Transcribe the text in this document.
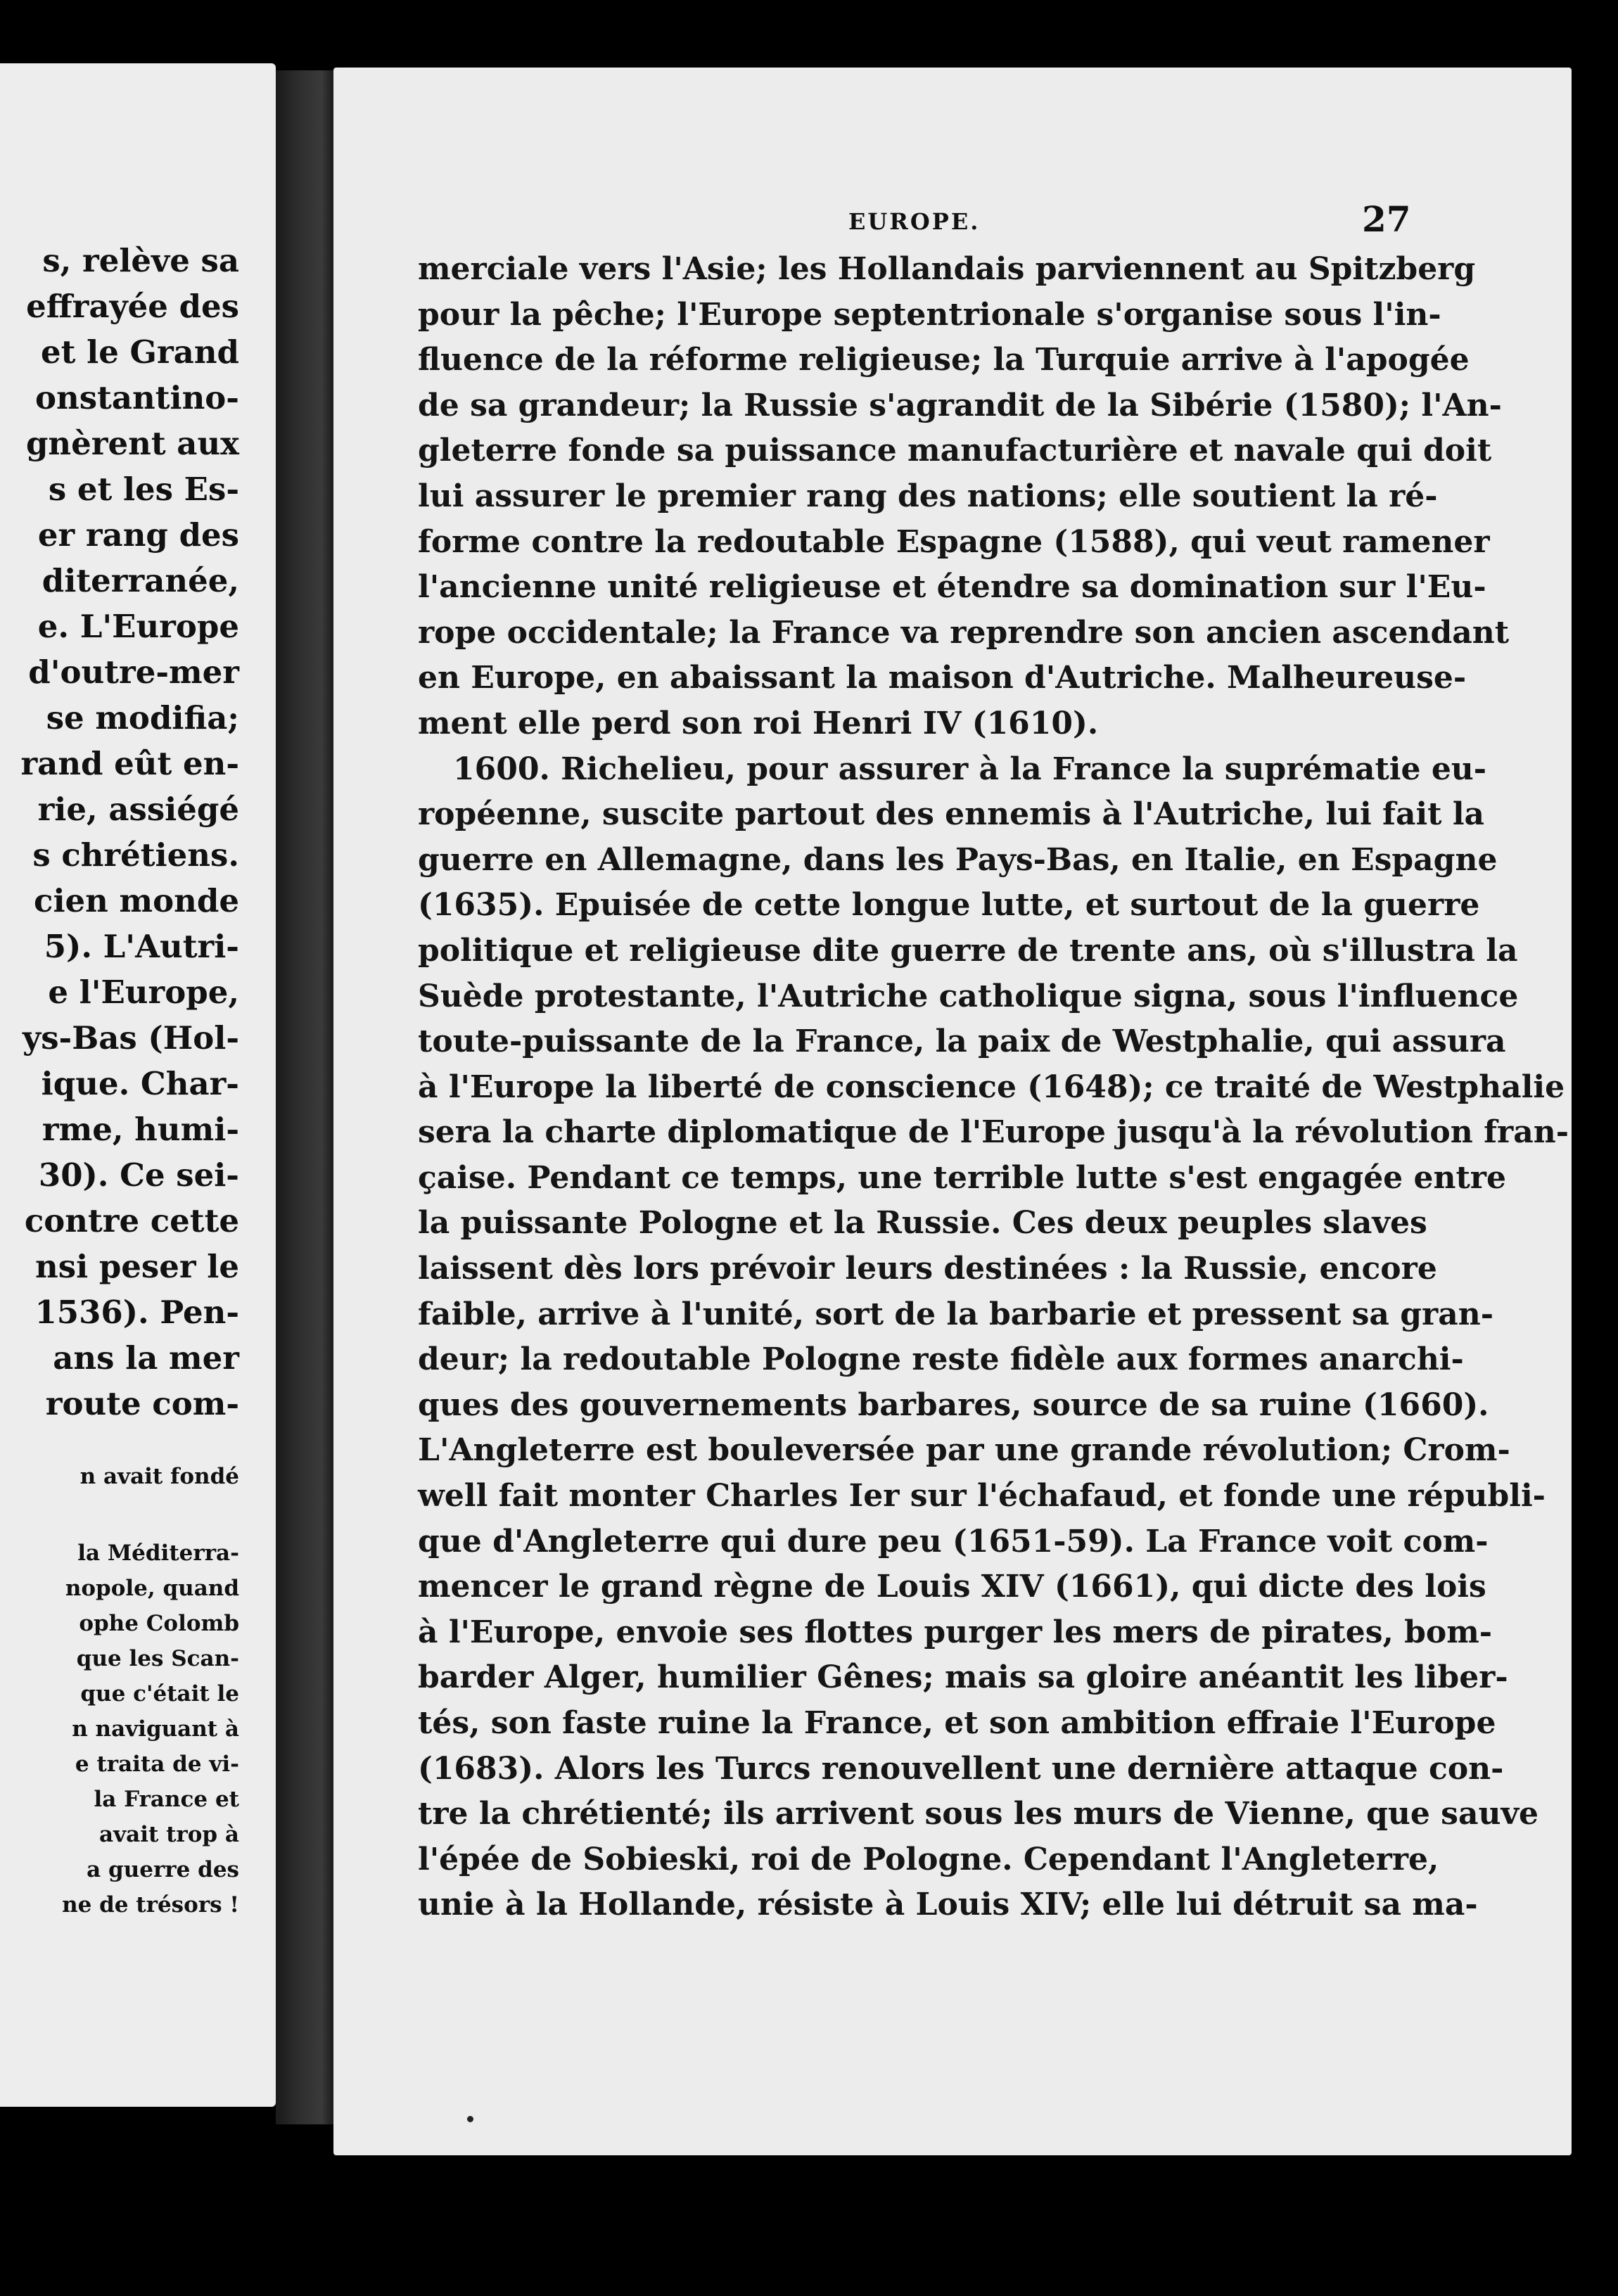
s, relève sa
effrayée des
et le Grand
onstantino-
gnèrent aux
s et les Es-
er rang des
diterranée,
e. L'Europe
d'outre-mer
se modifia;
rand eût en-
rie, assiégé
s chrétiens.
cien monde
5). L'Autri-
e l'Europe,
ys-Bas (Hol-
ique. Char-
rme, humi-
30). Ce sei-
contre cette
nsi peser le
1536). Pen-
ans la mer
route com-
n avait fondé
la Méditerra-
nopole, quand
ophe Colomb
que les Scan-
que c'était le
n naviguant à
e traita de vi-
la France et
avait trop à
a guerre des
ne de trésors !
EUROPE.	27
merciale vers l'Asie; les Hollandais parviennent au Spitzberg
pour la pêche; l'Europe septentrionale s'organise sous l'in-
fluence de la réforme religieuse; la Turquie arrive à l'apogée
de sa grandeur; la Russie s'agrandit de la Sibérie (1580); l'An-
gleterre fonde sa puissance manufacturière et navale qui doit
lui assurer le premier rang des nations; elle soutient la ré-
forme contre la redoutable Espagne (1588), qui veut ramener
l'ancienne unité religieuse et étendre sa domination sur l'Eu-
rope occidentale; la France va reprendre son ancien ascendant
en Europe, en abaissant la maison d'Autriche. Malheureuse-
ment elle perd son roi Henri IV (1610).
1600. Richelieu, pour assurer à la France la suprématie eu-
ropéenne, suscite partout des ennemis à l'Autriche, lui fait la
guerre en Allemagne, dans les Pays-Bas, en Italie, en Espagne
(1635). Epuisée de cette longue lutte, et surtout de la guerre
politique et religieuse dite guerre de trente ans, où s'illustra la
Suède protestante, l'Autriche catholique signa, sous l'influence
toute-puissante de la France, la paix de Westphalie, qui assura
à l'Europe la liberté de conscience (1648); ce traité de Westphalie
sera la charte diplomatique de l'Europe jusqu'à la révolution fran-
çaise. Pendant ce temps, une terrible lutte s'est engagée entre
la puissante Pologne et la Russie. Ces deux peuples slaves
laissent dès lors prévoir leurs destinées : la Russie, encore
faible, arrive à l'unité, sort de la barbarie et pressent sa gran-
deur; la redoutable Pologne reste fidèle aux formes anarchi-
ques des gouvernements barbares, source de sa ruine (1660).
L'Angleterre est bouleversée par une grande révolution; Crom-
well fait monter Charles Ier sur l'échafaud, et fonde une républi-
que d'Angleterre qui dure peu (1651-59). La France voit com-
mencer le grand règne de Louis XIV (1661), qui dicte des lois
à l'Europe, envoie ses flottes purger les mers de pirates, bom-
barder Alger, humilier Gênes; mais sa gloire anéantit les liber-
tés, son faste ruine la France, et son ambition effraie l'Europe
(1683). Alors les Turcs renouvellent une dernière attaque con-
tre la chrétienté; ils arrivent sous les murs de Vienne, que sauve
l'épée de Sobieski, roi de Pologne. Cependant l'Angleterre,
unie à la Hollande, résiste à Louis XIV; elle lui détruit sa ma-
